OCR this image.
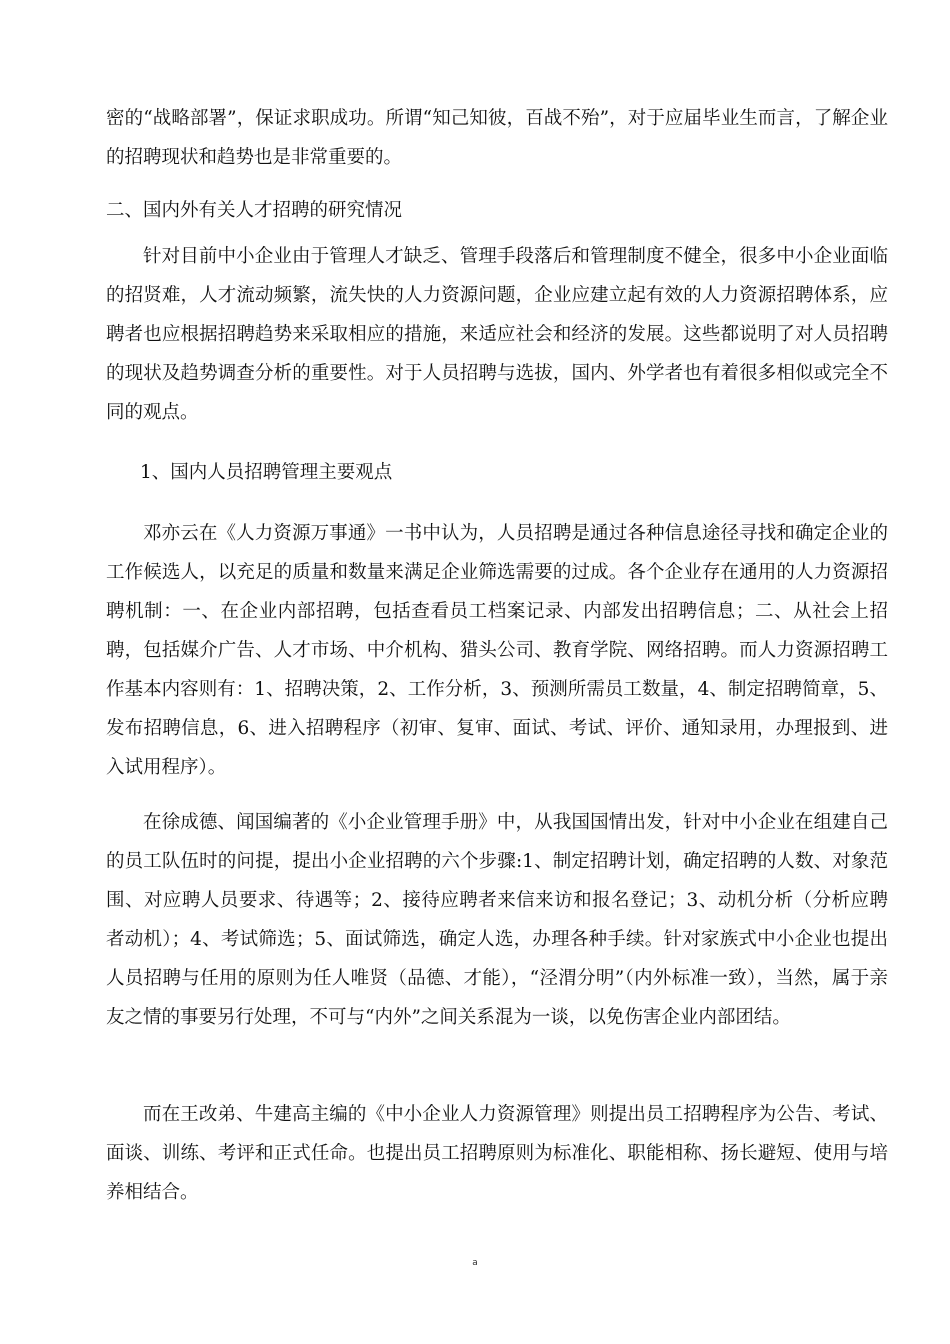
密的“战略部署”，保证求职成功。所谓“知己知彼，百战不殆”，对于应届毕业生而言，了解企业的招聘现状和趋势也是非常重要的。

二、国内外有关人才招聘的研究情况

针对目前中小企业由于管理人才缺乏、管理手段落后和管理制度不健全，很多中小企业面临的招贤难，人才流动频繁，流失快的人力资源问题，企业应建立起有效的人力资源招聘体系，应聘者也应根据招聘趋势来采取相应的措施，来适应社会和经济的发展。这些都说明了对人员招聘的现状及趋势调查分析的重要性。对于人员招聘与选拔，国内、外学者也有着很多相似或完全不同的观点。

1、国内人员招聘管理主要观点

邓亦云在《人力资源万事通》一书中认为，人员招聘是通过各种信息途径寻找和确定企业的工作候选人，以充足的质量和数量来满足企业筛选需要的过成。各个企业存在通用的人力资源招聘机制：一、在企业内部招聘，包括查看员工档案记录、内部发出招聘信息；二、从社会上招聘，包括媒介广告、人才市场、中介机构、猎头公司、教育学院、网络招聘。而人力资源招聘工作基本内容则有：1、招聘决策，2、工作分析，3、预测所需员工数量，4、制定招聘简章，5、发布招聘信息，6、进入招聘程序（初审、复审、面试、考试、评价、通知录用，办理报到、进入试用程序）。

在徐成德、闻国编著的《小企业管理手册》中，从我国国情出发，针对中小企业在组建自己的员工队伍时的问提，提出小企业招聘的六个步骤:1、制定招聘计划，确定招聘的人数、对象范围、对应聘人员要求、待遇等；2、接待应聘者来信来访和报名登记；3、动机分析（分析应聘者动机）；4、考试筛选；5、面试筛选，确定人选，办理各种手续。针对家族式中小企业也提出人员招聘与任用的原则为任人唯贤（品德、才能），“泾渭分明”（内外标准一致），当然，属于亲友之情的事要另行处理，不可与“内外”之间关系混为一谈，以免伤害企业内部团结。

而在王改弟、牛建高主编的《中小企业人力资源管理》则提出员工招聘程序为公告、考试、面谈、训练、考评和正式任命。也提出员工招聘原则为标准化、职能相称、扬长避短、使用与培养相结合。

a
